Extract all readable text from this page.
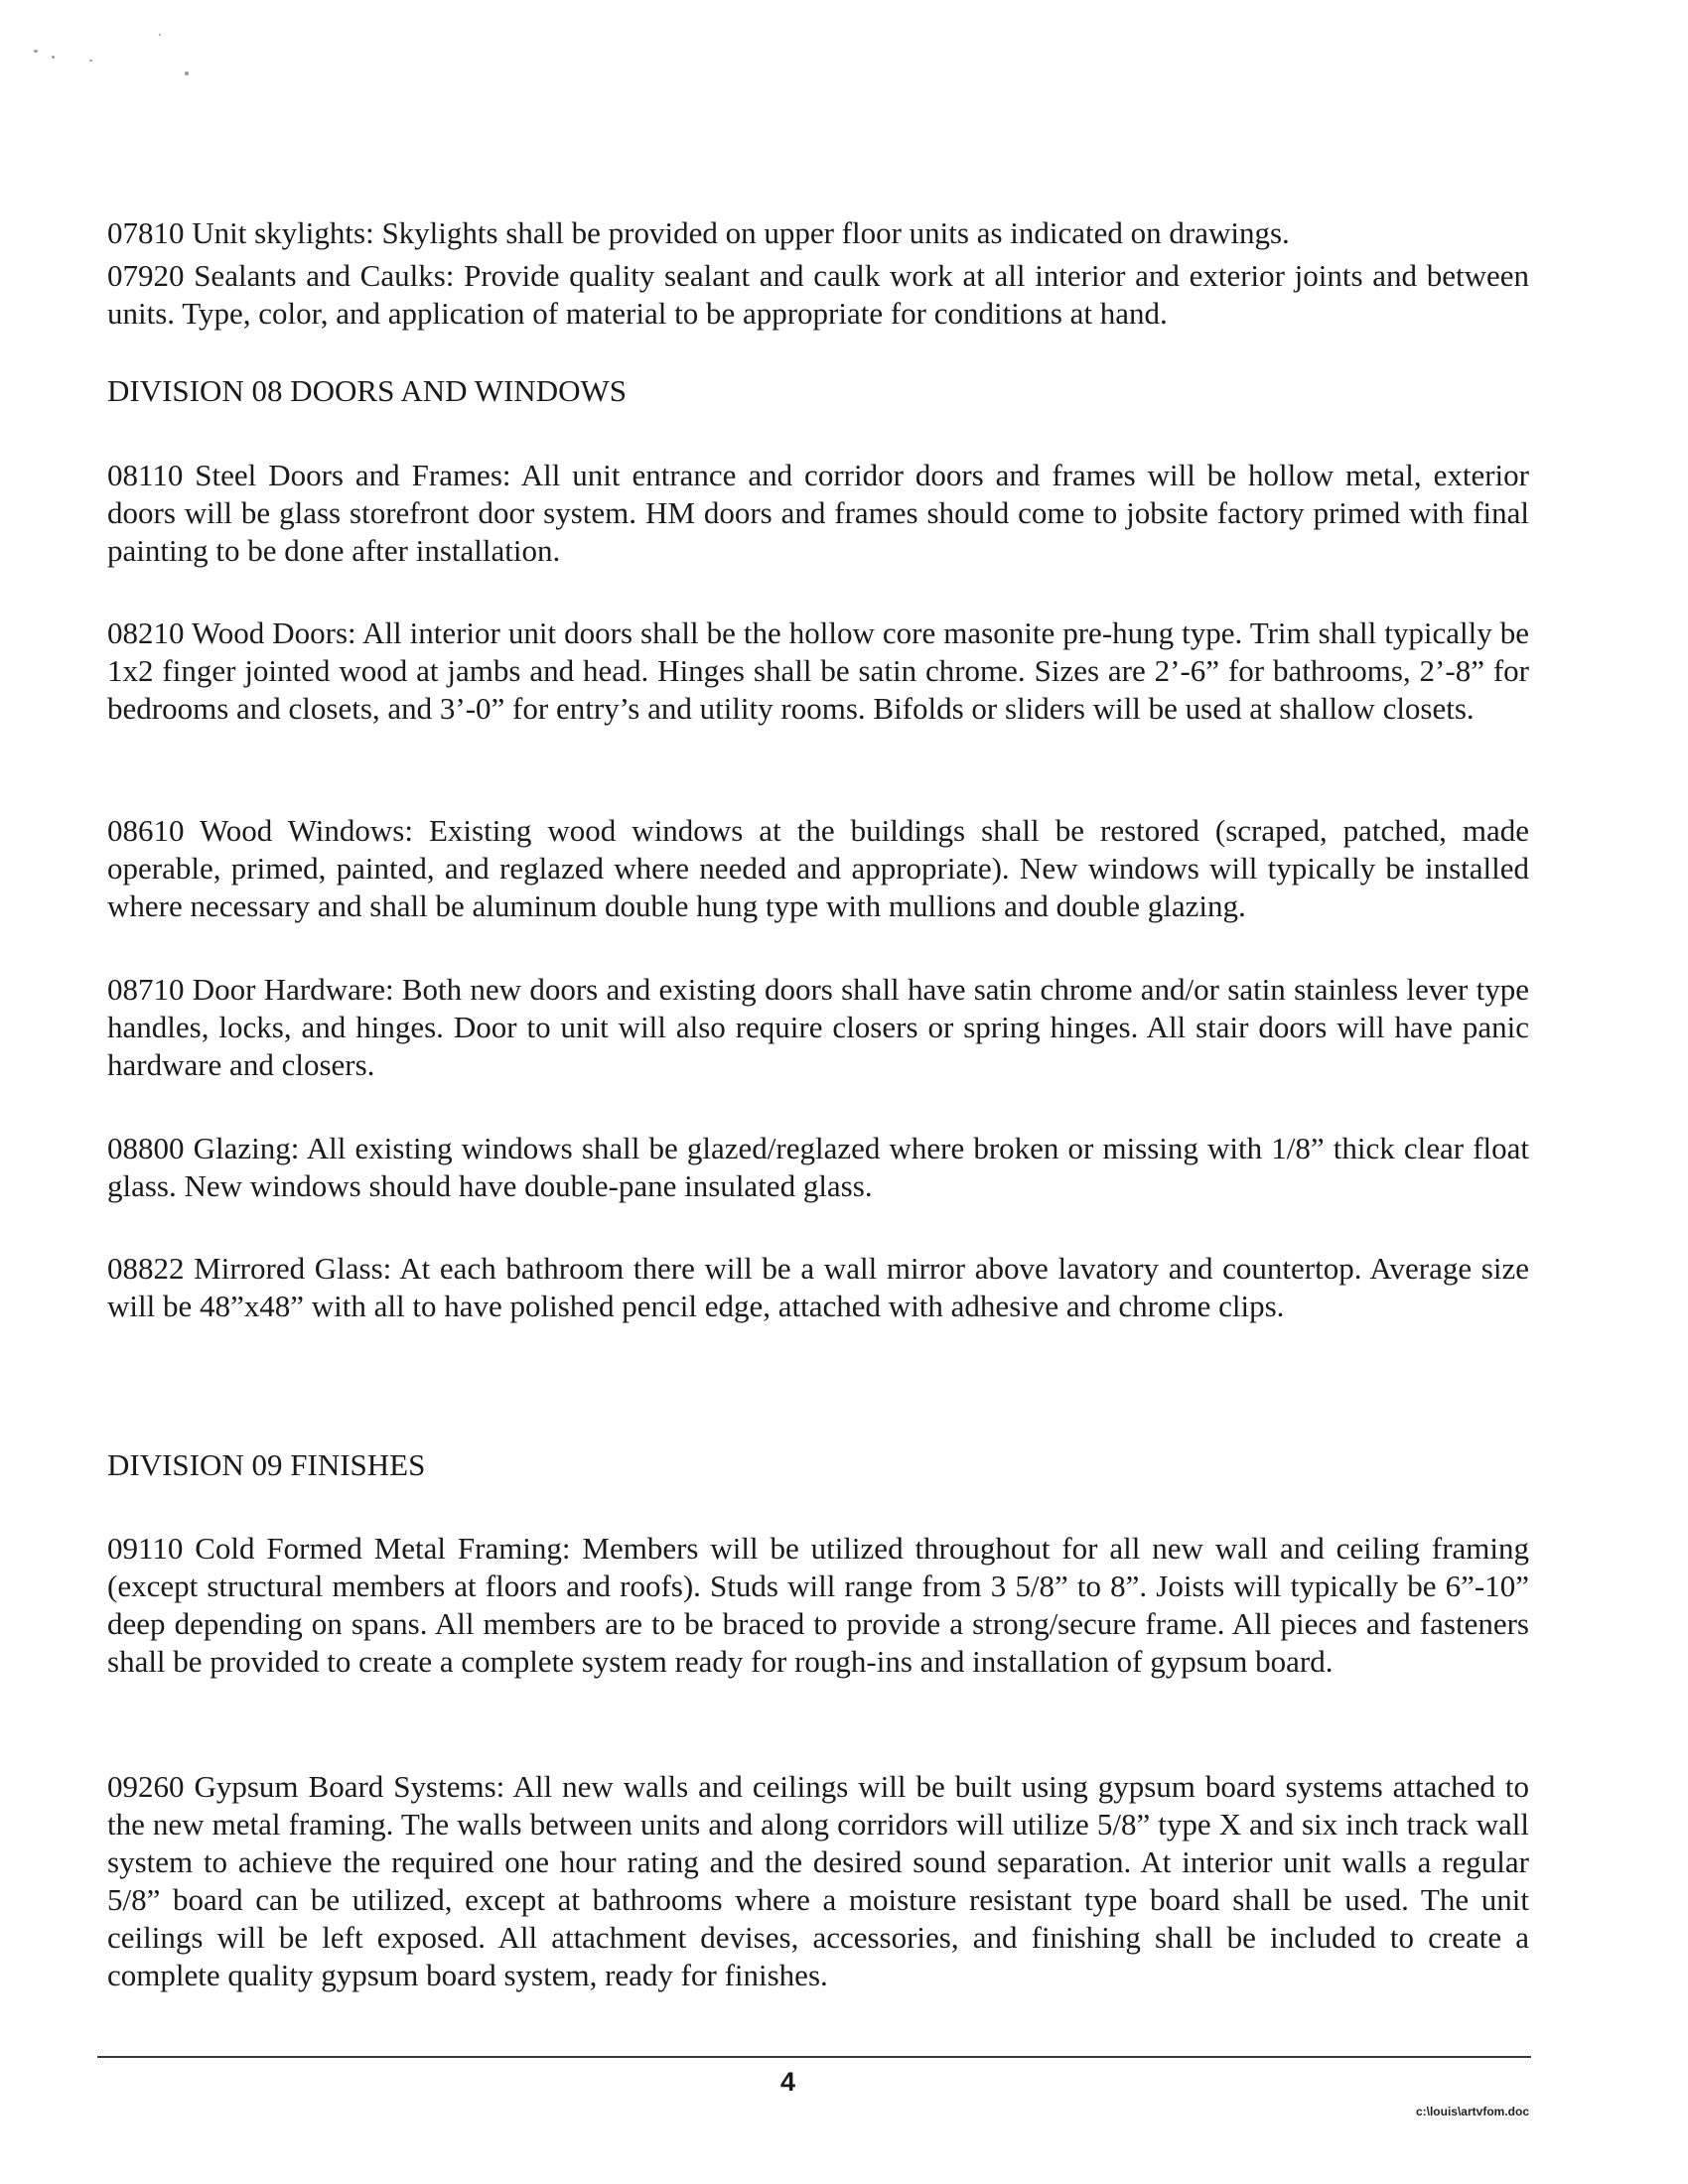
07810 Unit skylights: Skylights shall be provided on upper floor units as indicated on drawings.

07920 Sealants and Caulks: Provide quality sealant and caulk work at all interior and exterior joints and between units. Type, color, and application of material to be appropriate for conditions at hand.

DIVISION 08 DOORS AND WINDOWS

08110 Steel Doors and Frames: All unit entrance and corridor doors and frames will be hollow metal, exterior doors will be glass storefront door system. HM doors and frames should come to jobsite factory primed with final painting to be done after installation.

08210 Wood Doors: All interior unit doors shall be the hollow core masonite pre-hung type. Trim shall typically be 1x2 finger jointed wood at jambs and head. Hinges shall be satin chrome. Sizes are 2’-6” for bathrooms, 2’-8” for bedrooms and closets, and 3’-0” for entry’s and utility rooms. Bifolds or sliders will be used at shallow closets.

08610 Wood Windows: Existing wood windows at the buildings shall be restored (scraped, patched, made operable, primed, painted, and reglazed where needed and appropriate). New windows will typically be installed where necessary and shall be aluminum double hung type with mullions and double glazing.

08710 Door Hardware: Both new doors and existing doors shall have satin chrome and/or satin stainless lever type handles, locks, and hinges. Door to unit will also require closers or spring hinges. All stair doors will have panic hardware and closers.

08800 Glazing: All existing windows shall be glazed/reglazed where broken or missing with 1/8” thick clear float glass. New windows should have double-pane insulated glass.

08822 Mirrored Glass: At each bathroom there will be a wall mirror above lavatory and countertop. Average size will be 48”x48” with all to have polished pencil edge, attached with adhesive and chrome clips.

DIVISION 09 FINISHES

09110 Cold Formed Metal Framing: Members will be utilized throughout for all new wall and ceiling framing (except structural members at floors and roofs). Studs will range from 3 5/8” to 8”. Joists will typically be 6”-10” deep depending on spans. All members are to be braced to provide a strong/secure frame. All pieces and fasteners shall be provided to create a complete system ready for rough-ins and installation of gypsum board.

09260 Gypsum Board Systems: All new walls and ceilings will be built using gypsum board systems attached to the new metal framing. The walls between units and along corridors will utilize 5/8” type X and six inch track wall system to achieve the required one hour rating and the desired sound separation. At interior unit walls a regular 5/8” board can be utilized, except at bathrooms where a moisture resistant type board shall be used. The unit ceilings will be left exposed. All attachment devises, accessories, and finishing shall be included to create a complete quality gypsum board system, ready for finishes.

4
c:\louis\artvfom.doc
